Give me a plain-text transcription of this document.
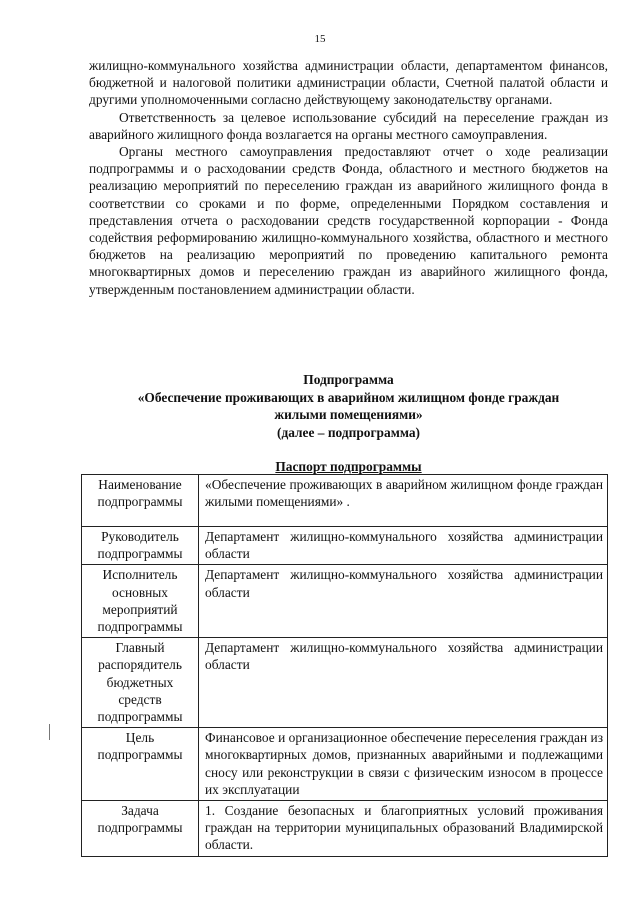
15

жилищно-коммунального хозяйства администрации области, департаментом финансов, бюджетной и налоговой политики администрации области, Счетной палатой области и другими уполномоченными согласно действующему законодательству органами.

Ответственность за целевое использование субсидий на переселение граждан из аварийного жилищного фонда возлагается на органы местного самоуправления.

Органы местного самоуправления предоставляют отчет о ходе реализации подпрограммы и о расходовании средств Фонда, областного и местного бюджетов на реализацию мероприятий по переселению граждан из аварийного жилищного фонда в соответствии со сроками и по форме, определенными Порядком составления и представления отчета о расходовании средств государственной корпорации - Фонда содействия реформированию жилищно-коммунального хозяйства, областного и местного бюджетов на реализацию мероприятий по проведению капитального ремонта многоквартирных домов и переселению граждан из аварийного жилищного фонда, утвержденным постановлением администрации области.

Подпрограмма
«Обеспечение проживающих в аварийном жилищном фонде граждан
жилыми помещениями»
(далее – подпрограмма)
Паспорт подпрограммы
Наименование подпрограммы	«Обеспечение проживающих в аварийном жилищном фонде граждан жилыми помещениями» .
Руководитель подпрограммы	Департамент жилищно-коммунального хозяйства администрации области
Исполнитель основных мероприятий подпрограммы	Департамент жилищно-коммунального хозяйства администрации области
Главный распорядитель бюджетных средств подпрограммы	Департамент жилищно-коммунального хозяйства администрации области
Цель подпрограммы	Финансовое и организационное обеспечение переселения граждан из многоквартирных домов, признанных аварийными и подлежащими сносу или реконструкции в связи с физическим износом в процессе их эксплуатации
Задача подпрограммы	1. Создание безопасных и благоприятных условий проживания граждан на территории муниципальных образований Владимирской области.
